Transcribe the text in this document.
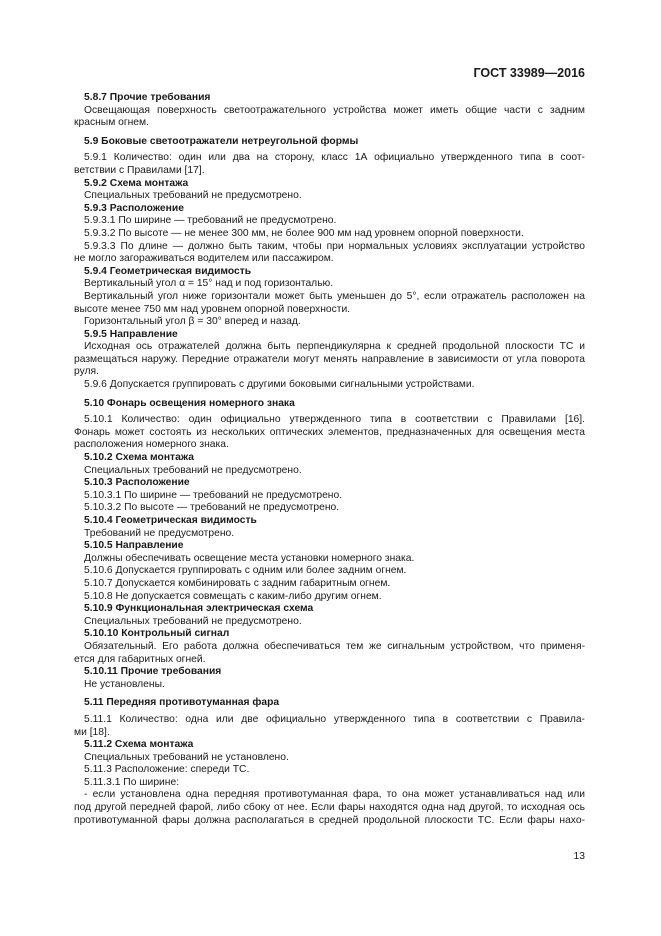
ГОСТ 33989—2016
5.8.7 Прочие требования
Освещающая поверхность светоотражательного устройства может иметь общие части с задним
красным огнем.
5.9 Боковые светоотражатели нетреугольной формы
5.9.1 Количество: один или два на сторону, класс 1А официально утвержденного типа в соот-
ветствии с Правилами [17].
5.9.2 Схема монтажа
Специальных требований не предусмотрено.
5.9.3 Расположение
5.9.3.1 По ширине — требований не предусмотрено.
5.9.3.2 По высоте — не менее 300 мм, не более 900 мм над уровнем опорной поверхности.
5.9.3.3 По длине — должно быть таким, чтобы при нормальных условиях эксплуатации устройство
не могло загораживаться водителем или пассажиром.
5.9.4 Геометрическая видимость
Вертикальный угол α = 15° над и под горизонталью.
Вертикальный угол ниже горизонтали может быть уменьшен до 5°, если отражатель расположен на
высоте менее 750 мм над уровнем опорной поверхности.
Горизонтальный угол β = 30° вперед и назад.
5.9.5 Направление
Исходная ось отражателей должна быть перпендикулярна к средней продольной плоскости ТС и
размещаться наружу. Передние отражатели могут менять направление в зависимости от угла поворота
руля.
5.9.6 Допускается группировать с другими боковыми сигнальными устройствами.
5.10 Фонарь освещения номерного знака
5.10.1 Количество: один официально утвержденного типа в соответствии с Правилами [16].
Фонарь может состоять из нескольких оптических элементов, предназначенных для освещения места
расположения номерного знака.
5.10.2 Схема монтажа
Специальных требований не предусмотрено.
5.10.3 Расположение
5.10.3.1 По ширине — требований не предусмотрено.
5.10.3.2 По высоте — требований не предусмотрено.
5.10.4 Геометрическая видимость
Требований не предусмотрено.
5.10.5 Направление
Должны обеспечивать освещение места установки номерного знака.
5.10.6 Допускается группировать с одним или более задним огнем.
5.10.7 Допускается комбинировать с задним габаритным огнем.
5.10.8 Не допускается совмещать с каким-либо другим огнем.
5.10.9 Функциональная электрическая схема
Специальных требований не предусмотрено.
5.10.10 Контрольный сигнал
Обязательный. Его работа должна обеспечиваться тем же сигнальным устройством, что применя-
ется для габаритных огней.
5.10.11 Прочие требования
Не установлены.
5.11 Передняя противотуманная фара
5.11.1 Количество: одна или две официально утвержденного типа в соответствии с Правила-
ми [18].
5.11.2 Схема монтажа
Специальных требований не установлено.
5.11.3 Расположение: спереди ТС.
5.11.3.1 По ширине:
- если установлена одна передняя противотуманная фара, то она может устанавливаться над или
под другой передней фарой, либо сбоку от нее. Если фары находятся одна над другой, то исходная ось
противотуманной фары должна располагаться в средней продольной плоскости ТС. Если фары нахо-
13
